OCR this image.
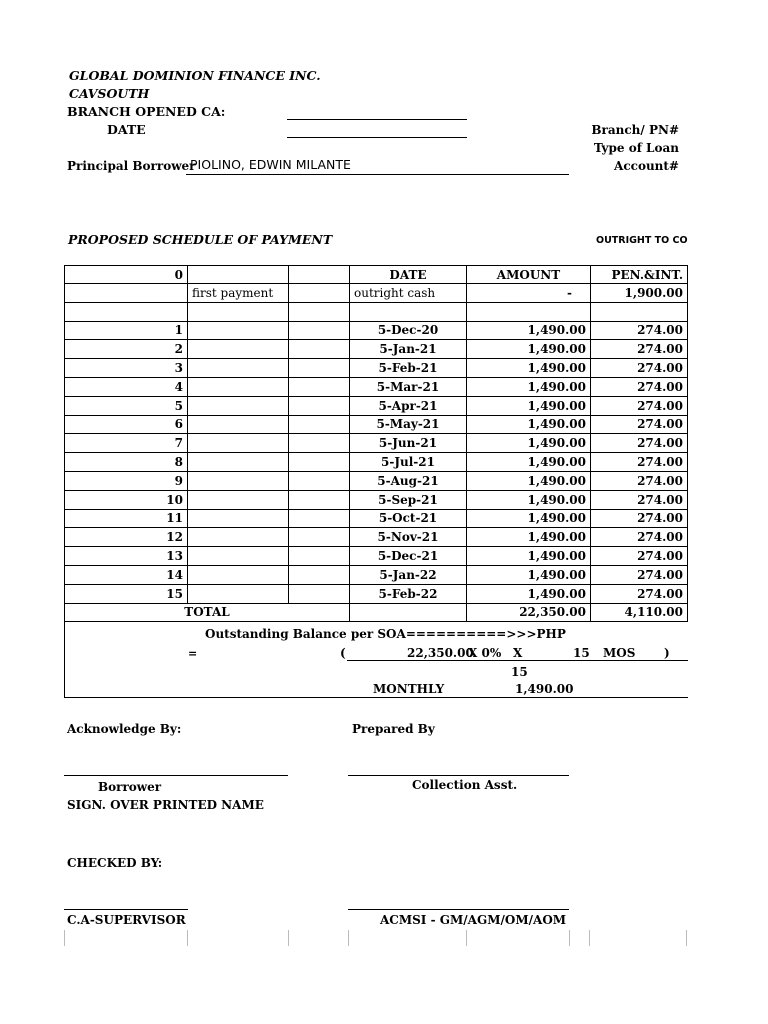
GLOBAL DOMINION FINANCE INC.
CAVSOUTH
BRANCH OPENED CA:
DATE	Branch/ PN#
Type of Loan
Account#
Principal Borrower
PIOLINO, EDWIN MILANTE
PROPOSED SCHEDULE OF PAYMENT	OUTRIGHT TO CO
0			DATE	AMOUNT	PEN.&INT.
	first payment		outright cash	-	1,900.00

1			5-Dec-20	1,490.00	274.00
2			5-Jan-21	1,490.00	274.00
3			5-Feb-21	1,490.00	274.00
4			5-Mar-21	1,490.00	274.00
5			5-Apr-21	1,490.00	274.00
6			5-May-21	1,490.00	274.00
7			5-Jun-21	1,490.00	274.00
8			5-Jul-21	1,490.00	274.00
9			5-Aug-21	1,490.00	274.00
10			5-Sep-21	1,490.00	274.00
11			5-Oct-21	1,490.00	274.00
12			5-Nov-21	1,490.00	274.00
13			5-Dec-21	1,490.00	274.00
14			5-Jan-22	1,490.00	274.00
15			5-Feb-22	1,490.00	274.00
TOTAL				22,350.00	4,110.00
Outstanding Balance per SOA==========>>>PHP
=	(	22,350.00
X 0% X	15 MOS )
15
MONTHLY	1,490.00
Acknowledge By:	Prepared By
Borrower	Collection Asst.
SIGN. OVER PRINTED NAME
CHECKED BY:
C.A-SUPERVISOR	ACMSI - GM/AGM/OM/AOM
